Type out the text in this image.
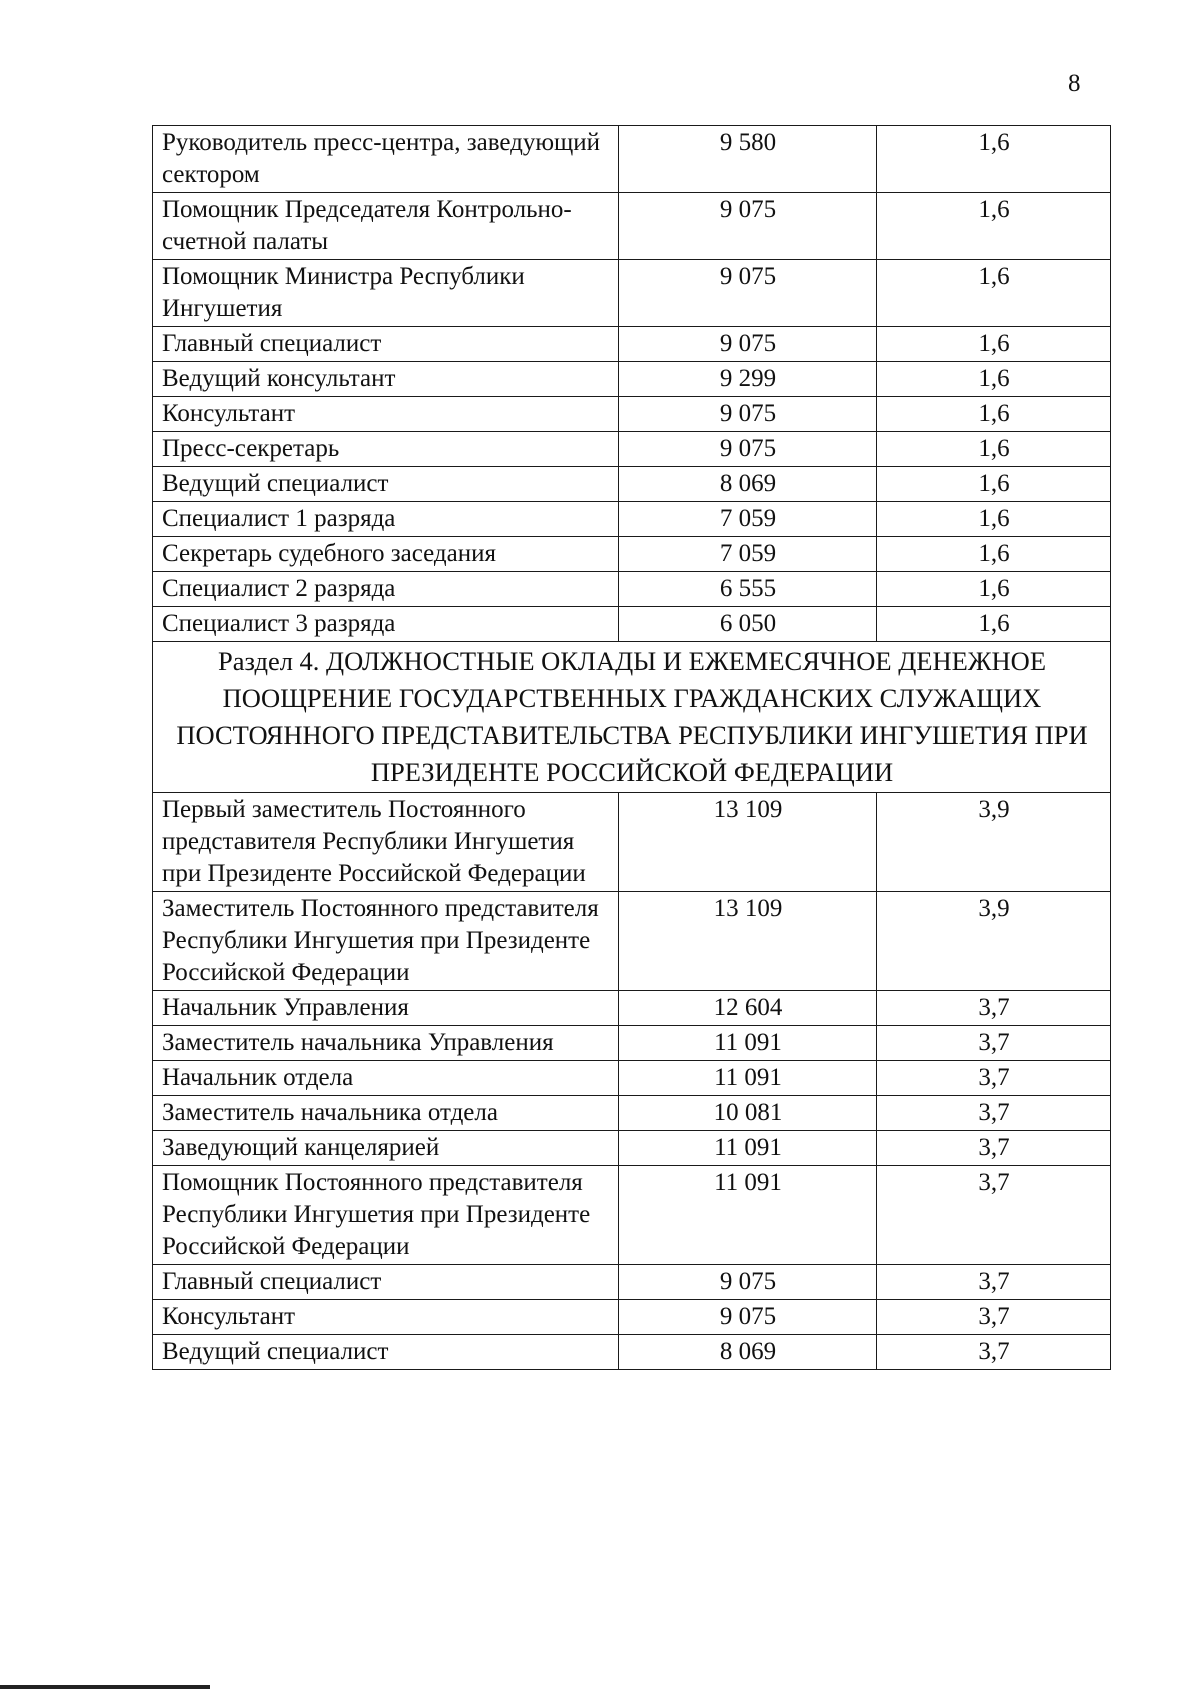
8
Руководитель пресс-центра, заведующий сектором	9 580	1,6
Помощник Председателя Контрольно-счетной палаты	9 075	1,6
Помощник Министра Республики Ингушетия	9 075	1,6
Главный специалист	9 075	1,6
Ведущий консультант	9 299	1,6
Консультант	9 075	1,6
Пресс-секретарь	9 075	1,6
Ведущий специалист	8 069	1,6
Специалист 1 разряда	7 059	1,6
Секретарь судебного заседания	7 059	1,6
Специалист 2 разряда	6 555	1,6
Специалист 3 разряда	6 050	1,6
Раздел 4. ДОЛЖНОСТНЫЕ ОКЛАДЫ И ЕЖЕМЕСЯЧНОЕ ДЕНЕЖНОЕ ПООЩРЕНИЕ ГОСУДАРСТВЕННЫХ ГРАЖДАНСКИХ СЛУЖАЩИХ ПОСТОЯННОГО ПРЕДСТАВИТЕЛЬСТВА РЕСПУБЛИКИ ИНГУШЕТИЯ ПРИ ПРЕЗИДЕНТЕ РОССИЙСКОЙ ФЕДЕРАЦИИ		
Первый заместитель Постоянного представителя Республики Ингушетия при Президенте Российской Федерации	13 109	3,9
Заместитель Постоянного представителя Республики Ингушетия при Президенте Российской Федерации	13 109	3,9
Начальник Управления	12 604	3,7
Заместитель начальника Управления	11 091	3,7
Начальник отдела	11 091	3,7
Заместитель начальника отдела	10 081	3,7
Заведующий канцелярией	11 091	3,7
Помощник Постоянного представителя Республики Ингушетия при Президенте Российской Федерации	11 091	3,7
Главный специалист	9 075	3,7
Консультант	9 075	3,7
Ведущий специалист	8 069	3,7
